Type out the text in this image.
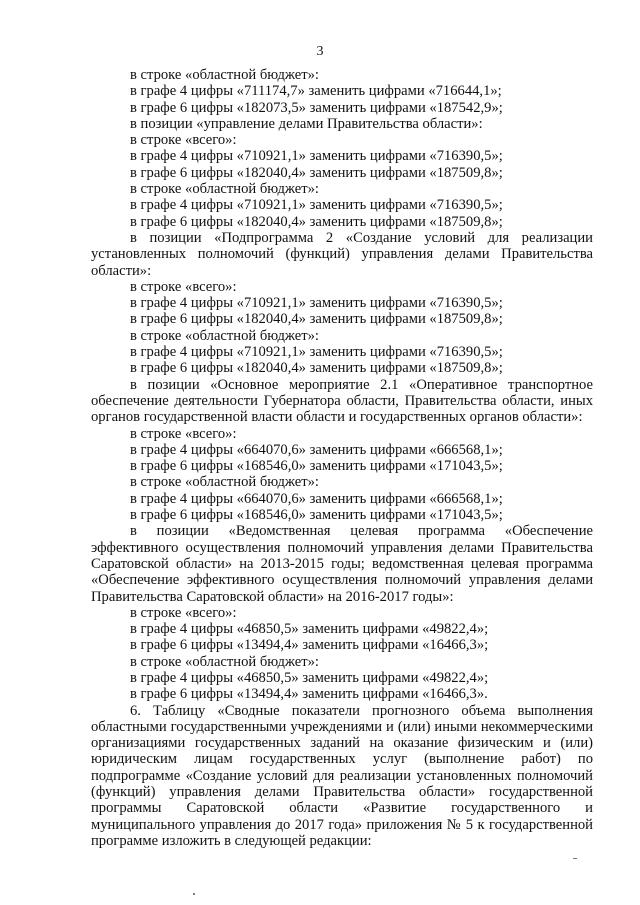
3

в строке «областной бюджет»:

в графе 4 цифры «711174,7» заменить цифрами «716644,1»;

в графе 6 цифры «182073,5» заменить цифрами «187542,9»;

в позиции «управление делами Правительства области»:

в строке «всего»:

в графе 4 цифры «710921,1» заменить цифрами «716390,5»;

в графе 6 цифры «182040,4» заменить цифрами «187509,8»;

в строке «областной бюджет»:

в графе 4 цифры «710921,1» заменить цифрами «716390,5»;

в графе 6 цифры «182040,4» заменить цифрами «187509,8»;

в позиции «Подпрограмма 2 «Создание условий для реализации установленных полномочий (функций) управления делами Правительства области»:

в строке «всего»:

в графе 4 цифры «710921,1» заменить цифрами «716390,5»;

в графе 6 цифры «182040,4» заменить цифрами «187509,8»;

в строке «областной бюджет»:

в графе 4 цифры «710921,1» заменить цифрами «716390,5»;

в графе 6 цифры «182040,4» заменить цифрами «187509,8»;

в позиции «Основное мероприятие 2.1 «Оперативное транспортное обеспечение деятельности Губернатора области, Правительства области, иных органов государственной власти области и государственных органов области»:

в строке «всего»:

в графе 4 цифры «664070,6» заменить цифрами «666568,1»;

в графе 6 цифры «168546,0» заменить цифрами «171043,5»;

в строке «областной бюджет»:

в графе 4 цифры «664070,6» заменить цифрами «666568,1»;

в графе 6 цифры «168546,0» заменить цифрами «171043,5»;

в позиции «Ведомственная целевая программа «Обеспечение эффективного осуществления полномочий управления делами Правительства Саратовской области» на 2013-2015 годы; ведомственная целевая программа «Обеспечение эффективного осуществления полномочий управления делами Правительства Саратовской области» на 2016-2017 годы»:

в строке «всего»:

в графе 4 цифры «46850,5» заменить цифрами «49822,4»;

в графе 6 цифры «13494,4» заменить цифрами «16466,3»;

в строке «областной бюджет»:

в графе 4 цифры «46850,5» заменить цифрами «49822,4»;

в графе 6 цифры «13494,4» заменить цифрами «16466,3».

6. Таблицу «Сводные показатели прогнозного объема выполнения областными государственными учреждениями и (или) иными некоммерческими организациями государственных заданий на оказание физическим и (или) юридическим лицам государственных услуг (выполнение работ) по подпрограмме «Создание условий для реализации установленных полномочий (функций) управления делами Правительства области» государственной программы Саратовской области «Развитие государственного и муниципального управления до 2017 года» приложения № 5 к государственной программе изложить в следующей редакции:
